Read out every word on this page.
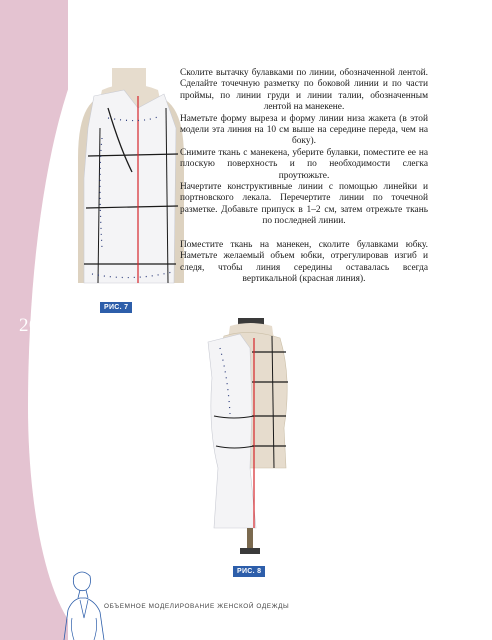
208
РИС. 7

Сколите вытачку булавками по линии, обозначенной лентой. Сделайте точечную разметку по боковой линии и по части проймы, по линии груди и линии талии, обозначенным лентой на манекене.

Наметьте форму выреза и форму линии низа жакета (в этой модели эта линия на 10 см выше на середине переда, чем на боку).

Снимите ткань с манекена, уберите булавки, поместите ее на плоскую поверхность и по необходимости слегка проутюжьте.

Начертите конструктивные линии с помощью линейки и портновского лекала. Перечертите линии по точечной разметке. Добавьте припуск в 1–2 см, затем отрежьте ткань по последней линии.

Поместите ткань на манекен, сколите булавками юбку. Наметьте желаемый объем юбки, отрегулировав изгиб и следя, чтобы линия середины оставалась всегда вертикальной (красная линия).

РИС. 8
ОБЪЕМНОЕ МОДЕЛИРОВАНИЕ ЖЕНСКОЙ ОДЕЖДЫ
